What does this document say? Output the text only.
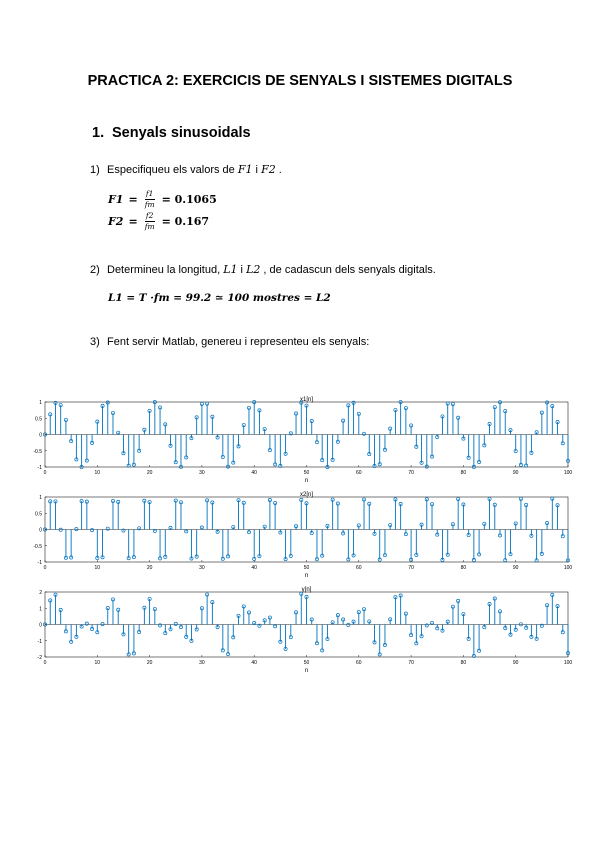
PRACTICA 2: EXERCICIS DE SENYALS I SISTEMES DIGITALS
1. Senyals sinusoidals
1) Especifiqueu els valors de F1 i F2 .
$F1 = \frac{f1}{fm} = 0.1065$
$F2 = \frac{f2}{fm} = 0.167$
2) Determineu la longitud, L1 i L2 , de cadascun dels senyals digitals.
L1 = T ·fm = 99.2 ≃ 100 mostres = L2
3) Fent servir Matlab, genereu i representeu els senyals:
x1[n]
n
0	10	20	30	40	50	60	70	80	90	100
1
0.5
0
-0.5
-1
x2[n]
n
0	10	20	30	40	50	60	70	80	90	100
1
0.5
0
-0.5
-1
y[n]
n
0	10	20	30	40	50	60	70	80	90	100
2
1
0
-1
-2
